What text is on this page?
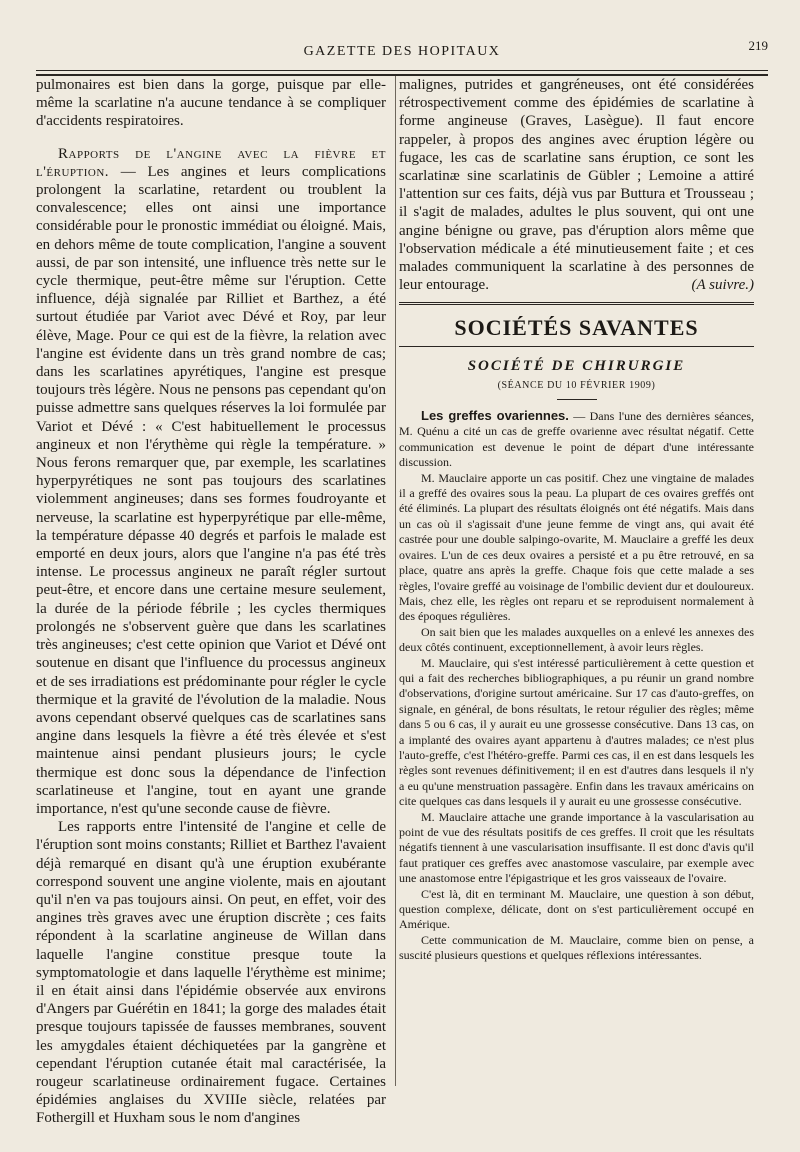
GAZETTE DES HOPITAUX	219

pulmonaires est bien dans la gorge, puisque par elle-même la scarlatine n'a aucune tendance à se compliquer d'accidents respiratoires.

Rapports de l'angine avec la fièvre et l'éruption. — Les angines et leurs complications prolongent la scarlatine, retardent ou troublent la convalescence; elles ont ainsi une importance considérable pour le pronostic immédiat ou éloigné. Mais, en dehors même de toute complication, l'angine a souvent aussi, de par son intensité, une influence très nette sur le cycle thermique, peut-être même sur l'éruption. Cette influence, déjà signalée par Rilliet et Barthez, a été surtout étudiée par Variot avec Dévé et Roy, par leur élève, Mage. Pour ce qui est de la fièvre, la relation avec l'angine est évidente dans un très grand nombre de cas; dans les scarlatines apyrétiques, l'angine est presque toujours très légère. Nous ne pensons pas cependant qu'on puisse admettre sans quelques réserves la loi formulée par Variot et Dévé : « C'est habituellement le processus angineux et non l'érythème qui règle la température. » Nous ferons remarquer que, par exemple, les scarlatines hyperpyrétiques ne sont pas toujours des scarlatines violemment angineuses; dans ses formes foudroyante et nerveuse, la scarlatine est hyperpyrétique par elle-même, la température dépasse 40 degrés et parfois le malade est emporté en deux jours, alors que l'angine n'a pas été très intense. Le processus angineux ne paraît régler surtout peut-être, et encore dans une certaine mesure seulement, la durée de la période fébrile ; les cycles thermiques prolongés ne s'observent guère que dans les scarlatines très angineuses; c'est cette opinion que Variot et Dévé ont soutenue en disant que l'influence du processus angineux et de ses irradiations est prédominante pour régler le cycle thermique et la gravité de l'évolution de la maladie. Nous avons cependant observé quelques cas de scarlatines sans angine dans lesquels la fièvre a été très élevée et s'est maintenue ainsi pendant plusieurs jours; le cycle thermique est donc sous la dépendance de l'infection scarlatineuse et l'angine, tout en ayant une grande importance, n'est qu'une seconde cause de fièvre.

Les rapports entre l'intensité de l'angine et celle de l'éruption sont moins constants; Rilliet et Barthez l'avaient déjà remarqué en disant qu'à une éruption exubérante correspond souvent une angine violente, mais en ajoutant qu'il n'en va pas toujours ainsi. On peut, en effet, voir des angines très graves avec une éruption discrète ; ces faits répondent à la scarlatine angineuse de Willan dans laquelle l'angine constitue presque toute la symptomatologie et dans laquelle l'érythème est minime; il en était ainsi dans l'épidémie observée aux environs d'Angers par Guérétin en 1841; la gorge des malades était presque toujours tapissée de fausses membranes, souvent les amygdales étaient déchiquetées par la gangrène et cependant l'éruption cutanée était mal caractérisée, la rougeur scarlatineuse ordinairement fugace. Certaines épidémies anglaises du XVIIIe siècle, relatées par Fothergill et Huxham sous le nom d'angines

malignes, putrides et gangréneuses, ont été considérées rétrospectivement comme des épidémies de scarlatine à forme angineuse (Graves, Lasègue). Il faut encore rappeler, à propos des angines avec éruption légère ou fugace, les cas de scarlatine sans éruption, ce sont les scarlatinæ sine scarlatinis de Gübler ; Lemoine a attiré l'attention sur ces faits, déjà vus par Buttura et Trousseau ; il s'agit de malades, adultes le plus souvent, qui ont une angine bénigne ou grave, pas d'éruption alors même que l'observation médicale a été minutieusement faite ; et ces malades communiquent la scarlatine à des personnes de leur entourage.	(A suivre.)

SOCIÉTÉS SAVANTES
SOCIÉTÉ DE CHIRURGIE
(SÉANCE DU 10 FÉVRIER 1909)

Les greffes ovariennes. — Dans l'une des dernières séances, M. Quénu a cité un cas de greffe ovarienne avec résultat négatif. Cette communication est devenue le point de départ d'une intéressante discussion.

M. Mauclaire apporte un cas positif. Chez une vingtaine de malades il a greffé des ovaires sous la peau. La plupart de ces ovaires greffés ont été éliminés. La plupart des résultats éloignés ont été négatifs. Mais dans un cas où il s'agissait d'une jeune femme de vingt ans, qui avait été castrée pour une double salpingo-ovarite, M. Mauclaire a greffé les deux ovaires. L'un de ces deux ovaires a persisté et a pu être retrouvé, en sa place, quatre ans après la greffe. Chaque fois que cette malade a ses règles, l'ovaire greffé au voisinage de l'ombilic devient dur et douloureux. Mais, chez elle, les règles ont reparu et se reproduisent normalement à des époques régulières.

On sait bien que les malades auxquelles on a enlevé les annexes des deux côtés continuent, exceptionnellement, à avoir leurs règles.

M. Mauclaire, qui s'est intéressé particulièrement à cette question et qui a fait des recherches bibliographiques, a pu réunir un grand nombre d'observations, d'origine surtout américaine. Sur 17 cas d'auto-greffes, on signale, en général, de bons résultats, le retour régulier des règles; même dans 5 ou 6 cas, il y aurait eu une grossesse consécutive. Dans 13 cas, on a implanté des ovaires ayant appartenu à d'autres malades; ce n'est plus l'auto-greffe, c'est l'hétéro-greffe. Parmi ces cas, il en est dans lesquels les règles sont revenues définitivement; il en est d'autres dans lesquels il n'y a eu qu'une menstruation passagère. Enfin dans les travaux américains on cite quelques cas dans lesquels il y aurait eu une grossesse consécutive.

M. Mauclaire attache une grande importance à la vascularisation au point de vue des résultats positifs de ces greffes. Il croit que les résultats négatifs tiennent à une vascularisation insuffisante. Il est donc d'avis qu'il faut pratiquer ces greffes avec anastomose vasculaire, par exemple avec une anastomose entre l'épigastrique et les gros vaisseaux de l'ovaire.

C'est là, dit en terminant M. Mauclaire, une question à son début, question complexe, délicate, dont on s'est particulièrement occupé en Amérique.

Cette communication de M. Mauclaire, comme bien on pense, a suscité plusieurs questions et quelques réflexions intéressantes.
